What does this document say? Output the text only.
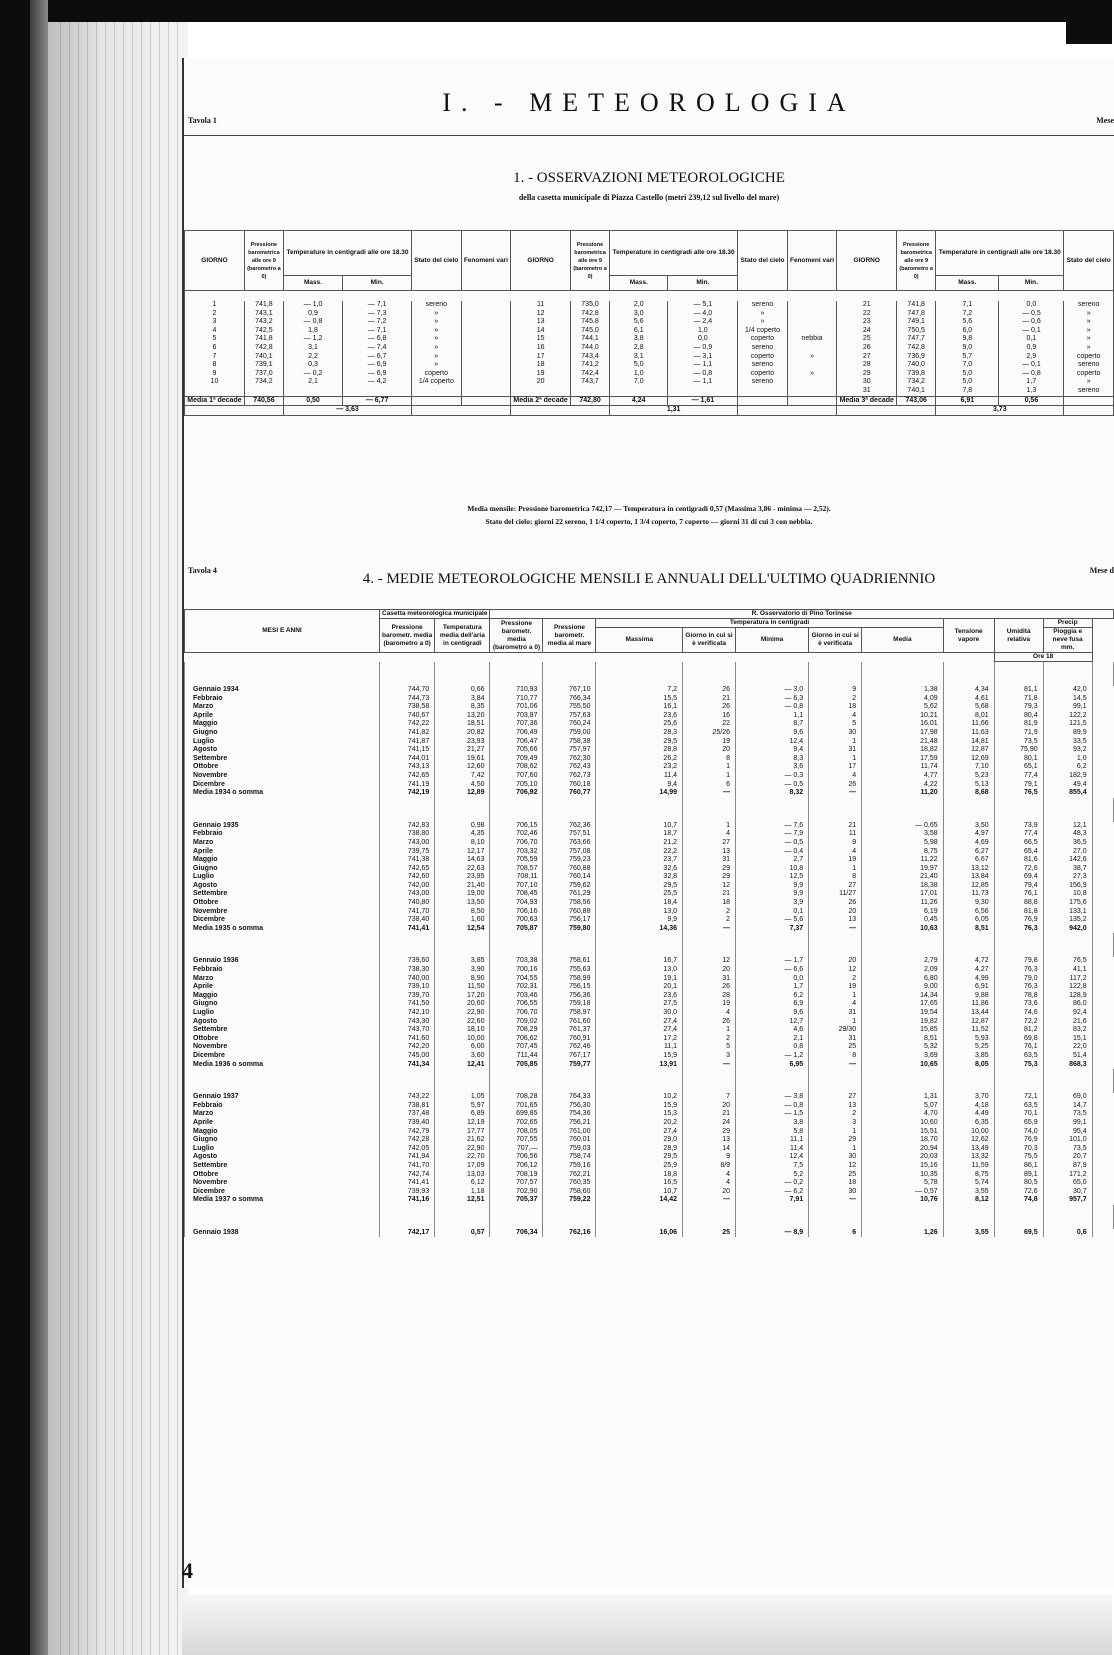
Tavola 1	Mese
I. - METEOROLOGIA
1. - OSSERVAZIONI METEOROLOGICHE
della casetta municipale di Piazza Castello (metri 239,12 sul livello del mare)
GIORNO	Pressione barometrica alle ore 9 (barometro a 0)	Temperature in centigradi alle ore 18.30		Stato del cielo	Fenomeni vari	GIORNO	Pressione barometrica alle ore 9 (barometro a 0)	Temperature in centigradi alle ore 18.30		Stato del cielo	Fenomeni vari	GIORNO	Pressione barometrica alle ore 9 (barometro a 0)	Temperature in centigradi alle ore 18.30		Stato del cielo
		Mass.	Min.					Mass.	Min.					Mass.	Min.	

1	741,8	— 1,0	— 7,1	sereno		11	735,0	2,0	— 5,1	sereno		21	741,8	7,1	0,0	sereno
2	743,1	0,9	— 7,3	»		12	742,8	3,0	— 4,0	»		22	747,8	7,2	— 0,5	»
3	743,2	— 0,8	— 7,2	»		13	745,8	5,6	— 2,4	»		23	749,1	5,6	— 0,6	»
4	742,5	1,8	— 7,1	»		14	745,0	6,1	1,0	1/4 coperto		24	750,5	6,0	— 0,1	»
5	741,8	— 1,2	— 6,8	»		15	744,1	3,8	0,0	coperto	nebbia	25	747,7	9,8	0,1	»
6	742,8	3,1	— 7,4	»		16	744,0	2,8	— 0,9	sereno		26	742,8	9,0	0,9	»
7	740,1	2,2	— 6,7	»		17	743,4	3,1	— 3,1	coperto	»	27	736,9	5,7	2,9	coperto
8	739,1	0,3	— 6,9	»		18	741,2	5,0	— 1,1	sereno		28	740,0	7,0	— 0,1	sereno
9	737,0	— 0,2	— 6,9	coperto		19	742,4	1,0	— 0,8	coperto	»	29	739,8	5,0	— 0,8	coperto
10	734,2	2,1	— 4,2	1/4 coperto		20	743,7	7,0	— 1,1	sereno		30	734,2	5,0	1,7	»
												31	740,1	7,8	1,3	sereno
Media 1ª decade	740,56	0,50	— 6,77			Media 2ª decade	742,80	4,24	— 1,61			Media 3ª decade	743,06	6,91	0,56	
		— 3,63						1,31						3,73		
Media mensile: Pressione barometrica 742,17 — Temperatura in centigradi 0,57 (Massima 3,86 - minima — 2,52).
Stato del cielo: giorni 22 sereno, 1 1/4 coperto, 1 3/4 coperto, 7 coperto — giorni 31 di cui 3 con nebbia.
Tavola 4	Mese d
4. - MEDIE METEOROLOGICHE MENSILI E ANNUALI DELL'ULTIMO QUADRIENNIO
MESI E ANNI	Casetta meteorologica municipale		R. Osservatorio di Pino Torinese										
	Pressione barometr. media (barometro a 0)	Temperatura media dell'aria in centigradi	Pressione barometr. media (barometro a 0)	Pressione barometr. media al mare	Temperatura in centigradi					Tensione vapore	Umidità relativa	Precip	
					Massima	Giorno in cui si è verificata	Minima	Giorno in cui si è verificata	Media			Pioggia e neve fusa mm.	
											Ore 18		

Gennaio 1934	744,70	0,66	710,93	767,10	7,2	26	— 3,0	9	1,38	4,34	81,1	42,0	
Febbraio	744,73	3,84	710,77	766,34	15,5	21	— 6,3	2	4,09	4,61	71,8	14,5	
Marzo	738,58	8,35	701,06	755,50	16,1	26	— 0,8	18	5,62	5,68	79,3	99,1	
Aprile	740,67	13,20	703,87	757,63	23,6	16	1,1	4	10,21	8,01	80,4	122,2	
Maggio	742,22	18,51	707,36	760,24	25,6	22	8,7	5	16,01	11,66	81,9	121,5	
Giugno	741,82	20,82	706,49	759,00	28,3	25/26	9,6	30	17,98	11,63	71,9	89,9	
Luglio	741,87	23,93	706,47	758,38	29,5	19	12,4	1	21,48	14,81	73,5	33,5	
Agosto	741,15	21,27	705,66	757,97	28,8	20	9,4	31	18,82	12,87	75,90	93,2	
Settembre	744,01	19,61	709,49	762,30	26,2	8	8,3	1	17,59	12,69	80,1	1,0	
Ottobre	743,13	12,60	708,62	762,43	23,2	1	3,6	17	11,74	7,10	65,1	6,2	
Novembre	742,65	7,42	707,60	762,73	11,4	1	— 0,3	4	4,77	5,23	77,4	182,9	
Dicembre	741,19	4,50	705,10	760,18	9,4	6	— 0,5	26	4,22	5,13	79,1	49,4	
Media 1934 o somma	742,19	12,89	706,92	760,77	14,99	—	8,32	—	11,20	8,68	76,5	855,4	

Gennaio 1935	742,83	0,98	706,15	762,36	10,7	1	— 7,6	21	— 0,65	3,50	73,9	12,1	
Febbraio	738,80	4,35	702,46	757,51	18,7	4	— 7,9	11	3,58	4,97	77,4	48,3	
Marzo	743,00	8,10	706,70	763,66	21,2	27	— 0,5	9	5,98	4,69	66,5	36,5	
Aprile	739,75	12,17	703,32	757,08	22,2	13	— 0,4	4	8,75	6,27	65,4	27,0	
Maggio	741,38	14,63	705,59	759,23	23,7	31	2,7	19	11,22	6,67	81,6	142,6	
Giugno	742,65	22,63	708,57	760,88	32,6	29	10,8	1	19,97	13,12	72,6	38,7	
Luglio	742,60	23,95	708,11	760,14	32,8	29	12,5	8	21,40	13,84	69,4	27,3	
Agosto	742,00	21,40	707,10	759,62	29,5	12	9,9	27	18,38	12,85	79,4	156,9	
Settembre	743,00	19,00	708,45	761,29	25,5	21	9,9	11/27	17,01	11,73	76,1	10,8	
Ottobre	740,80	13,50	704,93	758,56	18,4	18	3,9	26	11,26	9,30	88,8	175,6	
Novembre	741,70	8,50	706,16	760,88	13,0	2	0,1	20	6,19	6,56	81,8	133,1	
Dicembre	738,40	1,60	700,63	756,17	9,9	2	— 5,6	13	0,45	6,05	76,9	135,2	
Media 1935 o somma	741,41	12,54	705,87	759,80	14,36	—	7,37	—	10,63	8,51	76,3	942,0	

Gennaio 1936	739,60	3,85	703,38	758,61	16,7	12	— 1,7	20	2,79	4,72	79,8	76,5	
Febbraio	738,30	3,90	700,16	755,63	13,0	20	— 6,6	12	2,09	4,27	76,3	41,1	
Marzo	740,00	8,90	704,55	758,99	19,1	31	0,0	2	6,80	4,99	79,0	117,2	
Aprile	739,10	11,50	702,31	756,15	20,1	26	1,7	19	9,00	6,91	76,3	122,8	
Maggio	739,70	17,20	703,46	756,36	23,6	28	6,2	1	14,34	9,88	78,8	128,9	
Giugno	741,50	20,60	706,55	759,18	27,5	19	6,9	4	17,65	11,86	73,6	86,0	
Luglio	742,10	22,90	706,70	758,97	30,0	4	9,6	31	19,54	13,44	74,6	92,4	
Agosto	743,30	22,60	709,02	761,60	27,4	26	12,7	1	19,82	12,87	72,2	21,6	
Settembre	743,70	18,10	708,29	761,37	27,4	1	4,6	29/30	15,85	11,52	81,2	83,2	
Ottobre	741,60	10,00	706,62	760,91	17,2	2	2,1	31	8,51	5,93	69,8	15,1	
Novembre	742,20	6,00	707,45	762,46	11,1	5	0,8	25	5,32	5,25	76,1	22,0	
Dicembre	745,00	3,60	711,44	767,17	15,9	3	— 1,2	8	3,69	3,85	63,5	51,4	
Media 1936 o somma	741,34	12,41	705,85	759,77	13,91	—	6,95	—	10,65	8,05	75,3	868,3	

Gennaio 1937	743,22	1,05	708,28	764,33	10,2	7	— 3,8	27	1,31	3,70	72,1	69,0	
Febbraio	738,81	5,97	701,65	756,30	15,9	20	— 0,8	13	5,07	4,18	63,5	14,7	
Marzo	737,48	6,89	699,85	754,36	15,3	21	— 1,5	2	4,70	4,49	70,1	73,5	
Aprile	739,40	12,19	702,65	756,21	20,2	24	3,8	3	10,60	6,35	65,9	99,1	
Maggio	742,79	17,77	708,05	761,00	27,4	29	5,8	1	15,51	10,00	74,0	95,4	
Giugno	742,28	21,62	707,55	760,01	29,0	13	11,1	29	18,70	12,62	76,9	101,0	
Luglio	742,05	22,90	707,—	759,03	28,9	14	11,4	1	20,94	13,49	70,3	73,5	
Agosto	741,94	22,70	706,56	758,74	29,5	9	12,4	30	20,03	13,32	75,5	20,7	
Settembre	741,70	17,09	706,12	759,16	25,9	8/9	7,5	12	15,16	11,59	86,1	87,9	
Ottobre	742,74	13,03	708,19	762,21	18,8	4	5,2	25	10,35	8,75	89,1	171,2	
Novembre	741,41	6,12	707,57	760,35	16,5	4	— 0,2	18	5,78	5,74	80,5	65,0	
Dicembre	739,93	1,18	702,90	758,60	10,7	20	— 6,2	30	— 0,57	3,55	72,6	30,7	
Media 1937 o somma	741,16	12,51	705,37	759,22	14,42	—	7,91	—	10,76	8,12	74,8	957,7	

Gennaio 1938	742,17	0,57	706,34	762,16	16,06	25	— 8,9	6	1,26	3,55	69,5	0,6	
4
